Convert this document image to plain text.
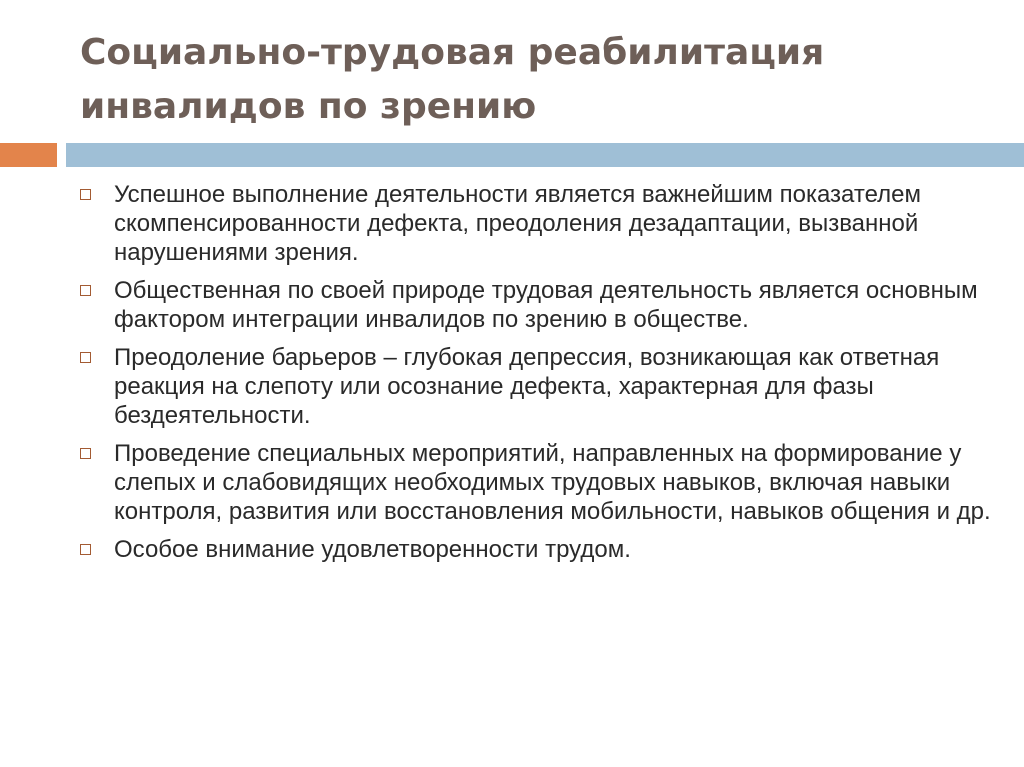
Социально-трудовая реабилитация
инвалидов по зрению
Успешное выполнение деятельности является важнейшим показателем скомпенсированности дефекта, преодоления дезадаптации, вызванной нарушениями зрения.
Общественная по своей природе трудовая деятельность является основным фактором интеграции инвалидов по зрению в обществе.
Преодоление барьеров – глубокая депрессия, возникающая как ответная реакция на слепоту или осознание дефекта, характерная для фазы бездеятельности.
Проведение специальных мероприятий, направленных на формирование у слепых и слабовидящих необходимых трудовых навыков, включая навыки контроля, развития или восстановления мобильности, навыков общения и др.
Особое внимание удовлетворенности трудом.
